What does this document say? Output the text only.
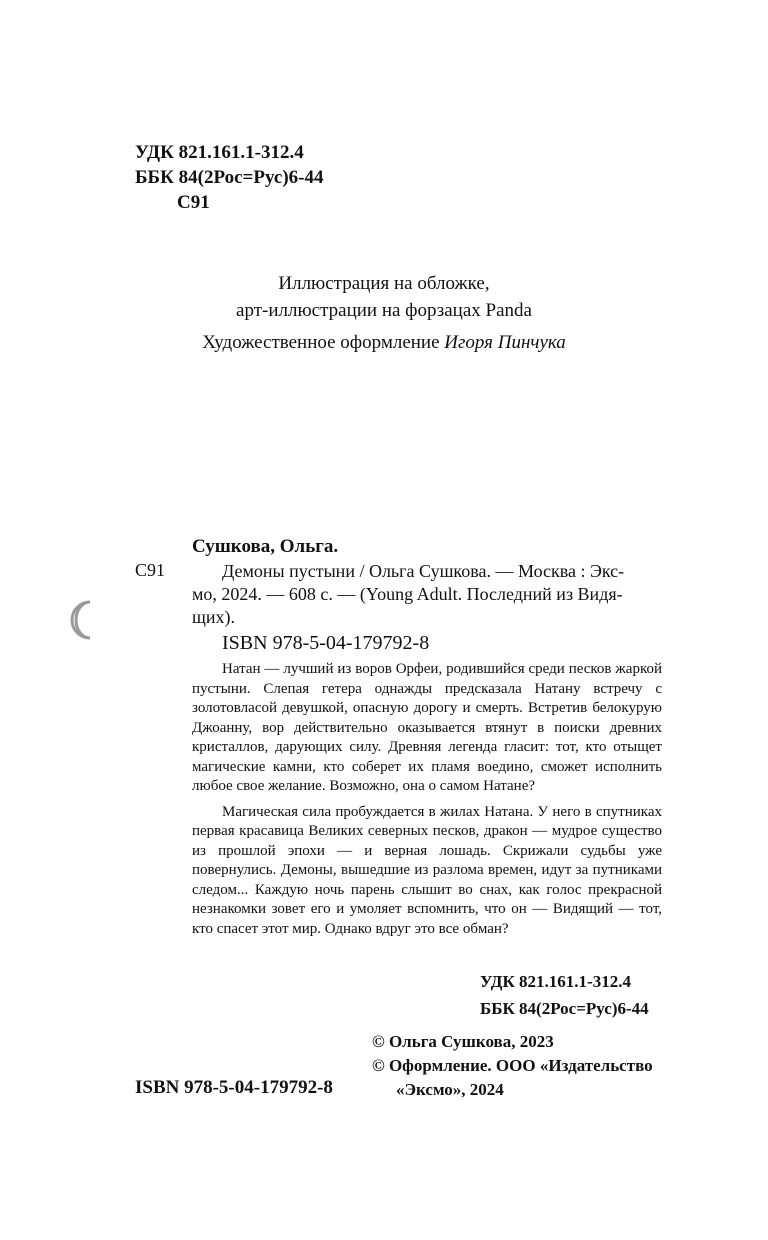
УДК 821.161.1-312.4
ББК 84(2Рос=Рус)6-44
С91
Иллюстрация на обложке,
арт-иллюстрации на форзацах Panda
Художественное оформление Игоря Пинчука
Сушкова, Ольга.
С91	Демоны пустыни / Ольга Сушкова. — Москва : Экс-
мо, 2024. — 608 с. — (Young Adult. Последний из Видя-
щих).
ISBN 978-5-04-179792-8

Натан — лучший из воров Орфеи, родившийся среди песков жаркой пустыни. Слепая гетера однажды предсказала Натану встречу с золотовласой девушкой, опасную дорогу и смерть. Встретив белокурую Джоанну, вор действительно оказывается втянут в поиски древних кристаллов, дарующих силу. Древняя легенда гласит: тот, кто отыщет магические камни, кто соберет их пламя воедино, сможет исполнить любое свое желание. Возможно, она о самом Натане?

Магическая сила пробуждается в жилах Натана. У него в спутниках первая красавица Великих северных песков, дракон — мудрое существо из прошлой эпохи — и верная лошадь. Скрижали судьбы уже повернулись. Демоны, вышедшие из разлома времен, идут за путниками следом... Каждую ночь парень слышит во снах, как голос прекрасной незнакомки зовет его и умоляет вспомнить, что он — Видящий — тот, кто спасет этот мир. Однако вдруг это все обман?

УДК 821.161.1-312.4
ББК 84(2Рос=Рус)6-44
© Ольга Сушкова, 2023
© Оформление. ООО «Издательство
«Эксмо», 2024
ISBN 978-5-04-179792-8
